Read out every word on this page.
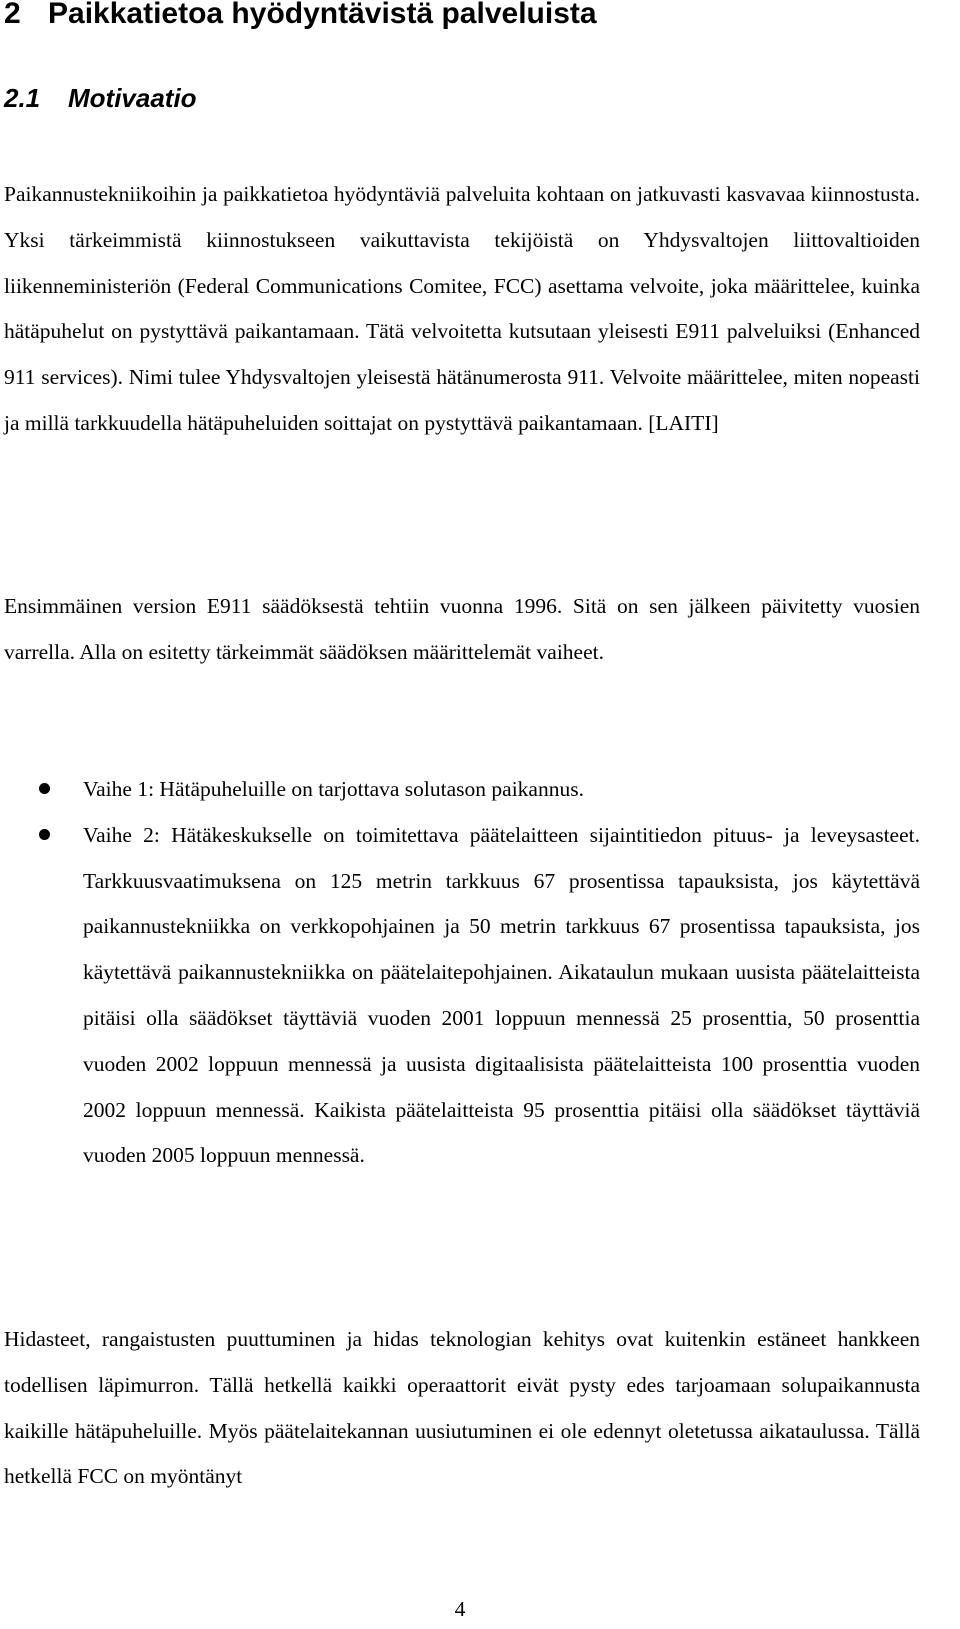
2 Paikkatietoa hyödyntävistä palveluista
2.1 Motivaatio

Paikannustekniikoihin ja paikkatietoa hyödyntäviä palveluita kohtaan on jatkuvasti kasvavaa kiinnostusta. Yksi tärkeimmistä kiinnostukseen vaikuttavista tekijöistä on Yhdysvaltojen liittovaltioiden liikenneministeriön (Federal Communications Comitee, FCC) asettama velvoite, joka määrittelee, kuinka hätäpuhelut on pystyttävä paikantamaan. Tätä velvoitetta kutsutaan yleisesti E911 palveluiksi (Enhanced 911 services). Nimi tulee Yhdysvaltojen yleisestä hätänumerosta 911. Velvoite määrittelee, miten nopeasti ja millä tarkkuudella hätäpuheluiden soittajat on pystyttävä paikantamaan. [LAITI]

Ensimmäinen version E911 säädöksestä tehtiin vuonna 1996. Sitä on sen jälkeen päivitetty vuosien varrella. Alla on esitetty tärkeimmät säädöksen määrittelemät vaiheet.

Vaihe 1: Hätäpuheluille on tarjottava solutason paikannus.
Vaihe 2: Hätäkeskukselle on toimitettava päätelaitteen sijaintitiedon pituus- ja leveysasteet. Tarkkuusvaatimuksena on 125 metrin tarkkuus 67 prosentissa tapauksista, jos käytettävä paikannustekniikka on verkkopohjainen ja 50 metrin tarkkuus 67 prosentissa tapauksista, jos käytettävä paikannustekniikka on päätelaitepohjainen. Aikataulun mukaan uusista päätelaitteista pitäisi olla säädökset täyttäviä vuoden 2001 loppuun mennessä 25 prosenttia, 50 prosenttia vuoden 2002 loppuun mennessä ja uusista digitaalisista päätelaitteista 100 prosenttia vuoden 2002 loppuun mennessä. Kaikista päätelaitteista 95 prosenttia pitäisi olla säädökset täyttäviä vuoden 2005 loppuun mennessä.

Hidasteet, rangaistusten puuttuminen ja hidas teknologian kehitys ovat kuitenkin estäneet hankkeen todellisen läpimurron. Tällä hetkellä kaikki operaattorit eivät pysty edes tarjoamaan solupaikannusta kaikille hätäpuheluille. Myös päätelaitekannan uusiutuminen ei ole edennyt oletetussa aikataulussa. Tällä hetkellä FCC on myöntänyt

4
